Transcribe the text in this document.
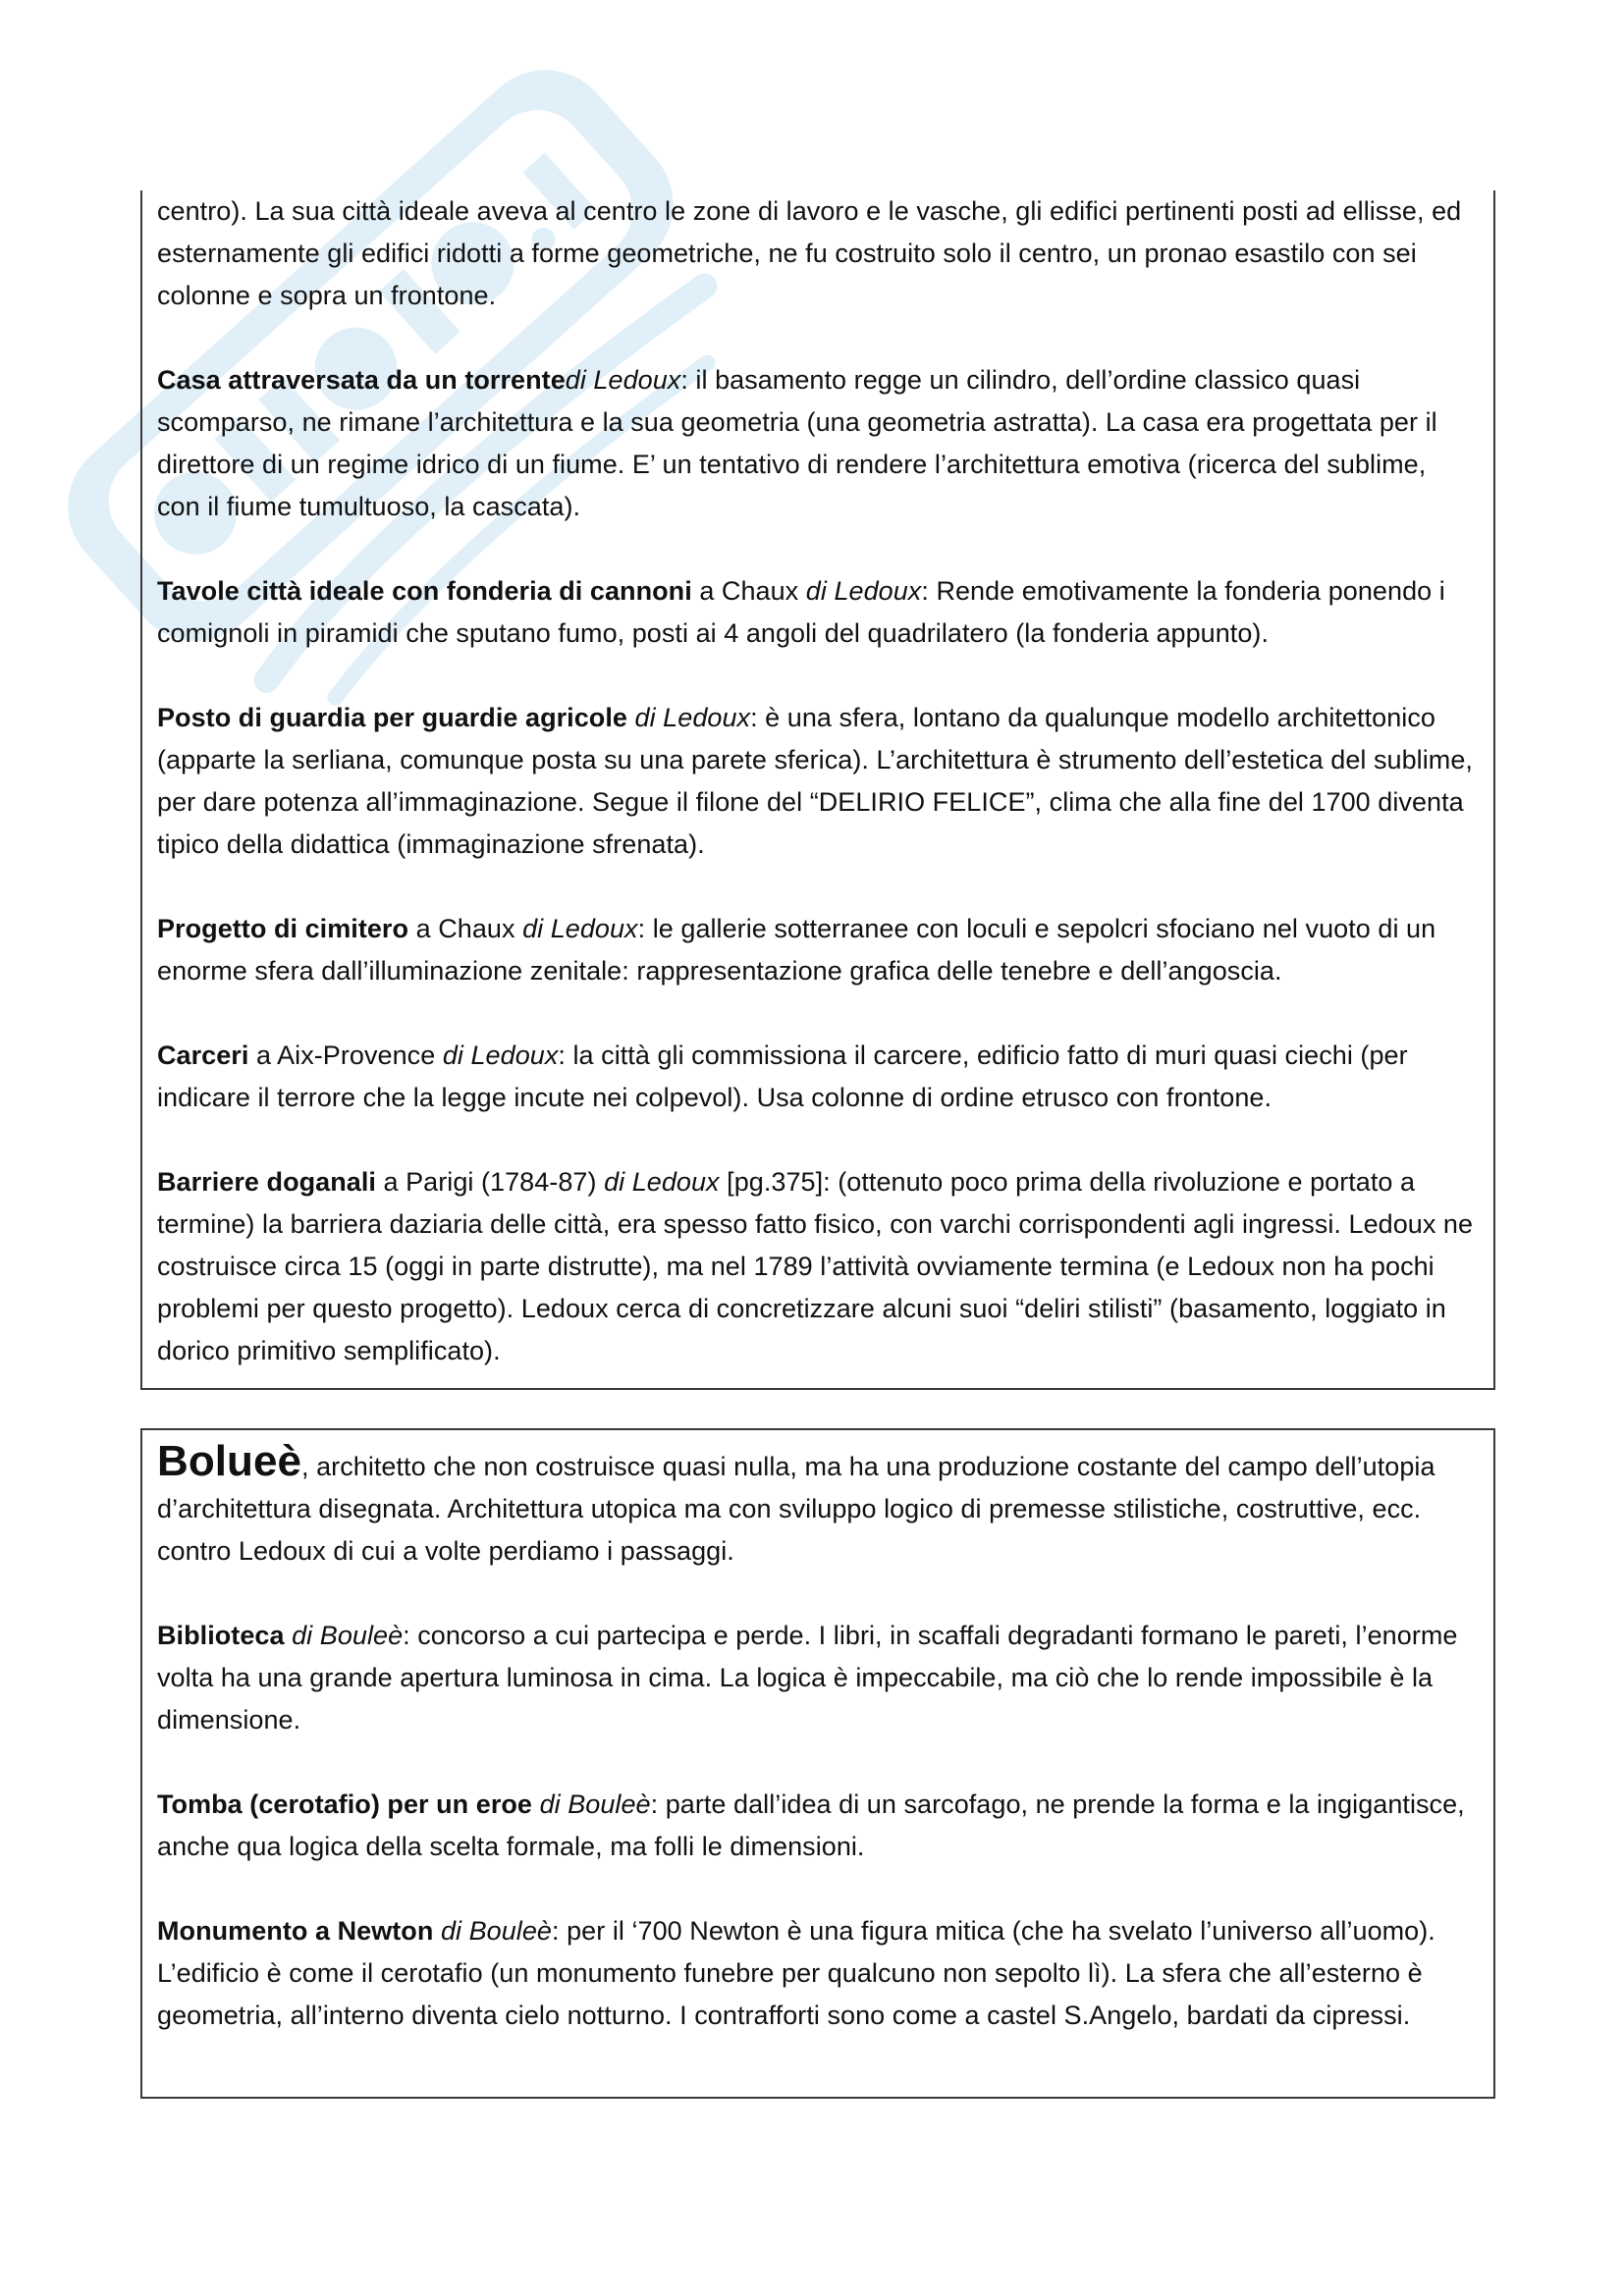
centro). La sua città ideale aveva al centro le zone di lavoro e le vasche, gli edifici pertinenti posti ad ellisse, ed esternamente gli edifici ridotti a forme geometriche, ne fu costruito solo il centro, un pronao esastilo con sei colonne e sopra un frontone.

Casa attraversata da un torrentedi Ledoux: il basamento regge un cilindro, dell’ordine classico quasi scomparso, ne rimane l’architettura e la sua geometria (una geometria astratta). La casa era progettata per il direttore di un regime idrico di un fiume. E’ un tentativo di rendere l’architettura emotiva (ricerca del sublime, con il fiume tumultuoso, la cascata).

Tavole città ideale con fonderia di cannoni a Chaux di Ledoux: Rende emotivamente la fonderia ponendo i comignoli in piramidi che sputano fumo, posti ai 4 angoli del quadrilatero (la fonderia appunto).

Posto di guardia per guardie agricole di Ledoux: è una sfera, lontano da qualunque modello architettonico (apparte la serliana, comunque posta su una parete sferica). L’architettura è strumento dell’estetica del sublime, per dare potenza all’immaginazione. Segue il filone del “DELIRIO FELICE”, clima che alla fine del 1700 diventa tipico della didattica (immaginazione sfrenata).

Progetto di cimitero a Chaux di Ledoux: le gallerie sotterranee con loculi e sepolcri sfociano nel vuoto di un enorme sfera dall’illuminazione zenitale: rappresentazione grafica delle tenebre e dell’angoscia.

Carceri a Aix-Provence di Ledoux: la città gli commissiona il carcere, edificio fatto di muri quasi ciechi (per indicare il terrore che la legge incute nei colpevol). Usa colonne di ordine etrusco con frontone.

Barriere doganali a Parigi (1784-87) di Ledoux [pg.375]: (ottenuto poco prima della rivoluzione e portato a termine) la barriera daziaria delle città, era spesso fatto fisico, con varchi corrispondenti agli ingressi. Ledoux ne costruisce circa 15 (oggi in parte distrutte), ma nel 1789 l’attività ovviamente termina (e Ledoux non ha pochi problemi per questo progetto). Ledoux cerca di concretizzare alcuni suoi “deliri stilisti” (basamento, loggiato in dorico primitivo semplificato).

Bolueè, architetto che non costruisce quasi nulla, ma ha una produzione costante del campo dell’utopia d’architettura disegnata. Architettura utopica ma con sviluppo logico di premesse stilistiche, costruttive, ecc. contro Ledoux di cui a volte perdiamo i passaggi.

Biblioteca di Bouleè: concorso a cui partecipa e perde. I libri, in scaffali degradanti formano le pareti, l’enorme volta ha una grande apertura luminosa in cima. La logica è impeccabile, ma ciò che lo rende impossibile è la dimensione.

Tomba (cerotafio) per un eroe di Bouleè: parte dall’idea di un sarcofago, ne prende la forma e la ingigantisce, anche qua logica della scelta formale, ma folli le dimensioni.

Monumento a Newton di Bouleè: per il ‘700 Newton è una figura mitica (che ha svelato l’universo all’uomo). L’edificio è come il cerotafio (un monumento funebre per qualcuno non sepolto lì). La sfera che all’esterno è geometria, all’interno diventa cielo notturno. I contrafforti sono come a castel S.Angelo, bardati da cipressi.
